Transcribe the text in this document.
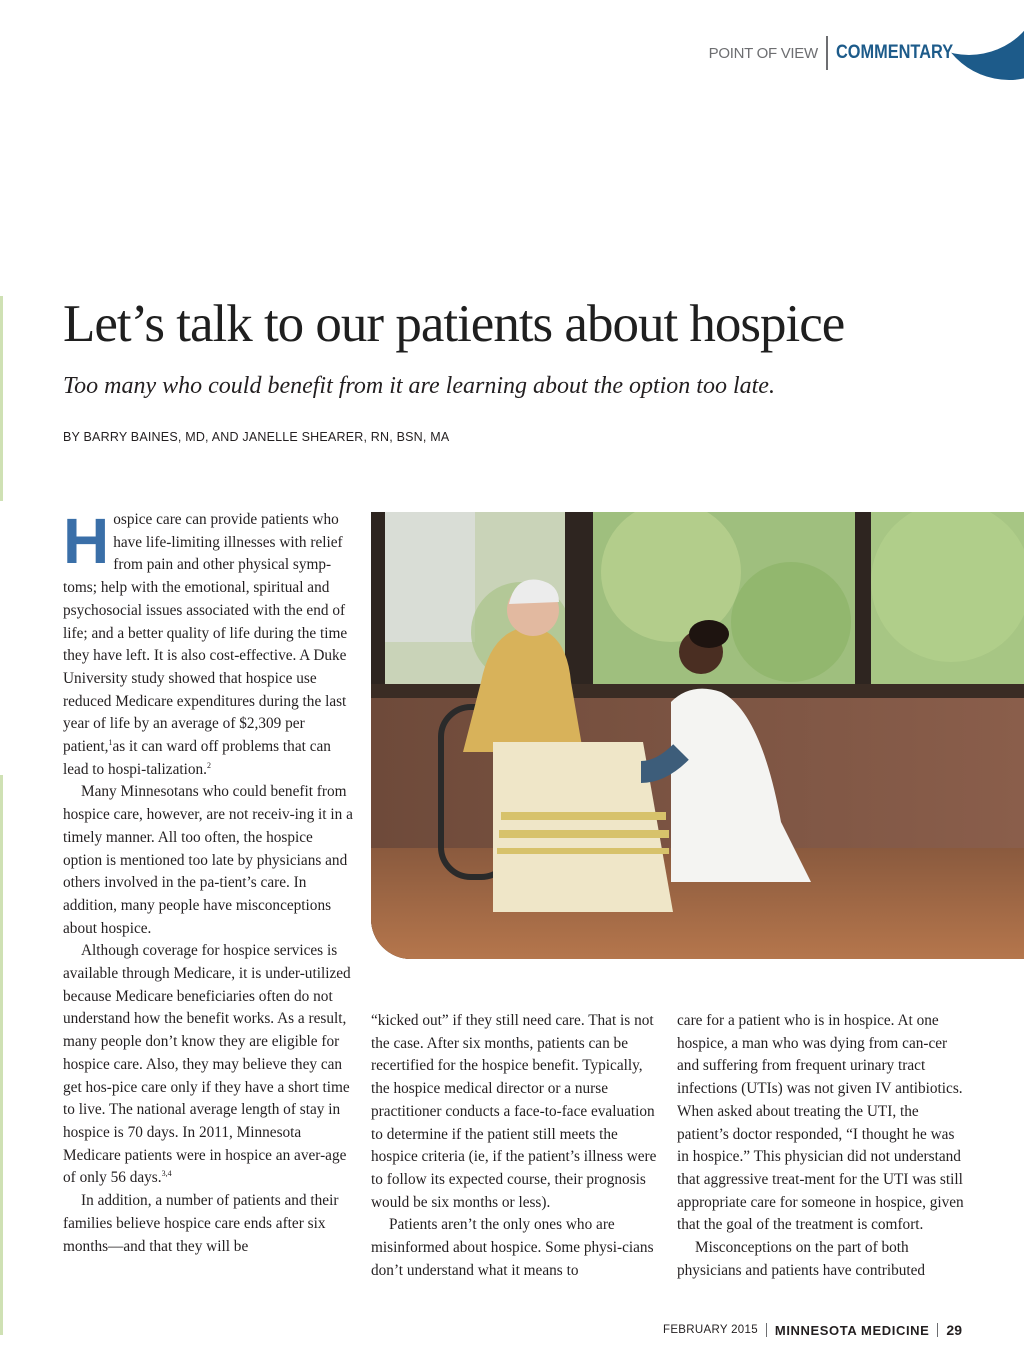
POINT OF VIEW COMMENTARY
Let’s talk to our patients about hospice

Too many who could benefit from it are learning about the option too late.

BY BARRY BAINES, MD, AND JANELLE SHEARER, RN, BSN, MA

Hospice care can provide patients who have life-limiting illnesses with relief from pain and other physical symp-toms; help with the emotional, spiritual and psychosocial issues associated with the end of life; and a better quality of life during the time they have left. It is also cost-effective. A Duke University study showed that hospice use reduced Medicare expenditures during the last year of life by an average of $2,309 per patient,$^1$as it can ward off problems that can lead to hospi-talization.$^2$

Many Minnesotans who could benefit from hospice care, however, are not receiv-ing it in a timely manner. All too often, the hospice option is mentioned too late by physicians and others involved in the pa-tient’s care. In addition, many people have misconceptions about hospice.

Although coverage for hospice services is available through Medicare, it is under-utilized because Medicare beneficiaries often do not understand how the benefit works. As a result, many people don’t know they are eligible for hospice care. Also, they may believe they can get hos-pice care only if they have a short time to live. The national average length of stay in hospice is 70 days. In 2011, Minnesota Medicare patients were in hospice an aver-age of only 56 days.$^{3,4}$

In addition, a number of patients and their families believe hospice care ends after six months—and that they will be

“kicked out” if they still need care. That is not the case. After six months, patients can be recertified for the hospice benefit. Typically, the hospice medical director or a nurse practitioner conducts a face-to-face evaluation to determine if the patient still meets the hospice criteria (ie, if the patient’s illness were to follow its expected course, their prognosis would be six months or less).

Patients aren’t the only ones who are misinformed about hospice. Some physi-cians don’t understand what it means to

care for a patient who is in hospice. At one hospice, a man who was dying from can-cer and suffering from frequent urinary tract infections (UTIs) was not given IV antibiotics. When asked about treating the UTI, the patient’s doctor responded, “I thought he was in hospice.” This physician did not understand that aggressive treat-ment for the UTI was still appropriate care for someone in hospice, given that the goal of the treatment is comfort.

Misconceptions on the part of both physicians and patients have contributed

FEBRUARY 2015 MINNESOTA MEDICINE 29
